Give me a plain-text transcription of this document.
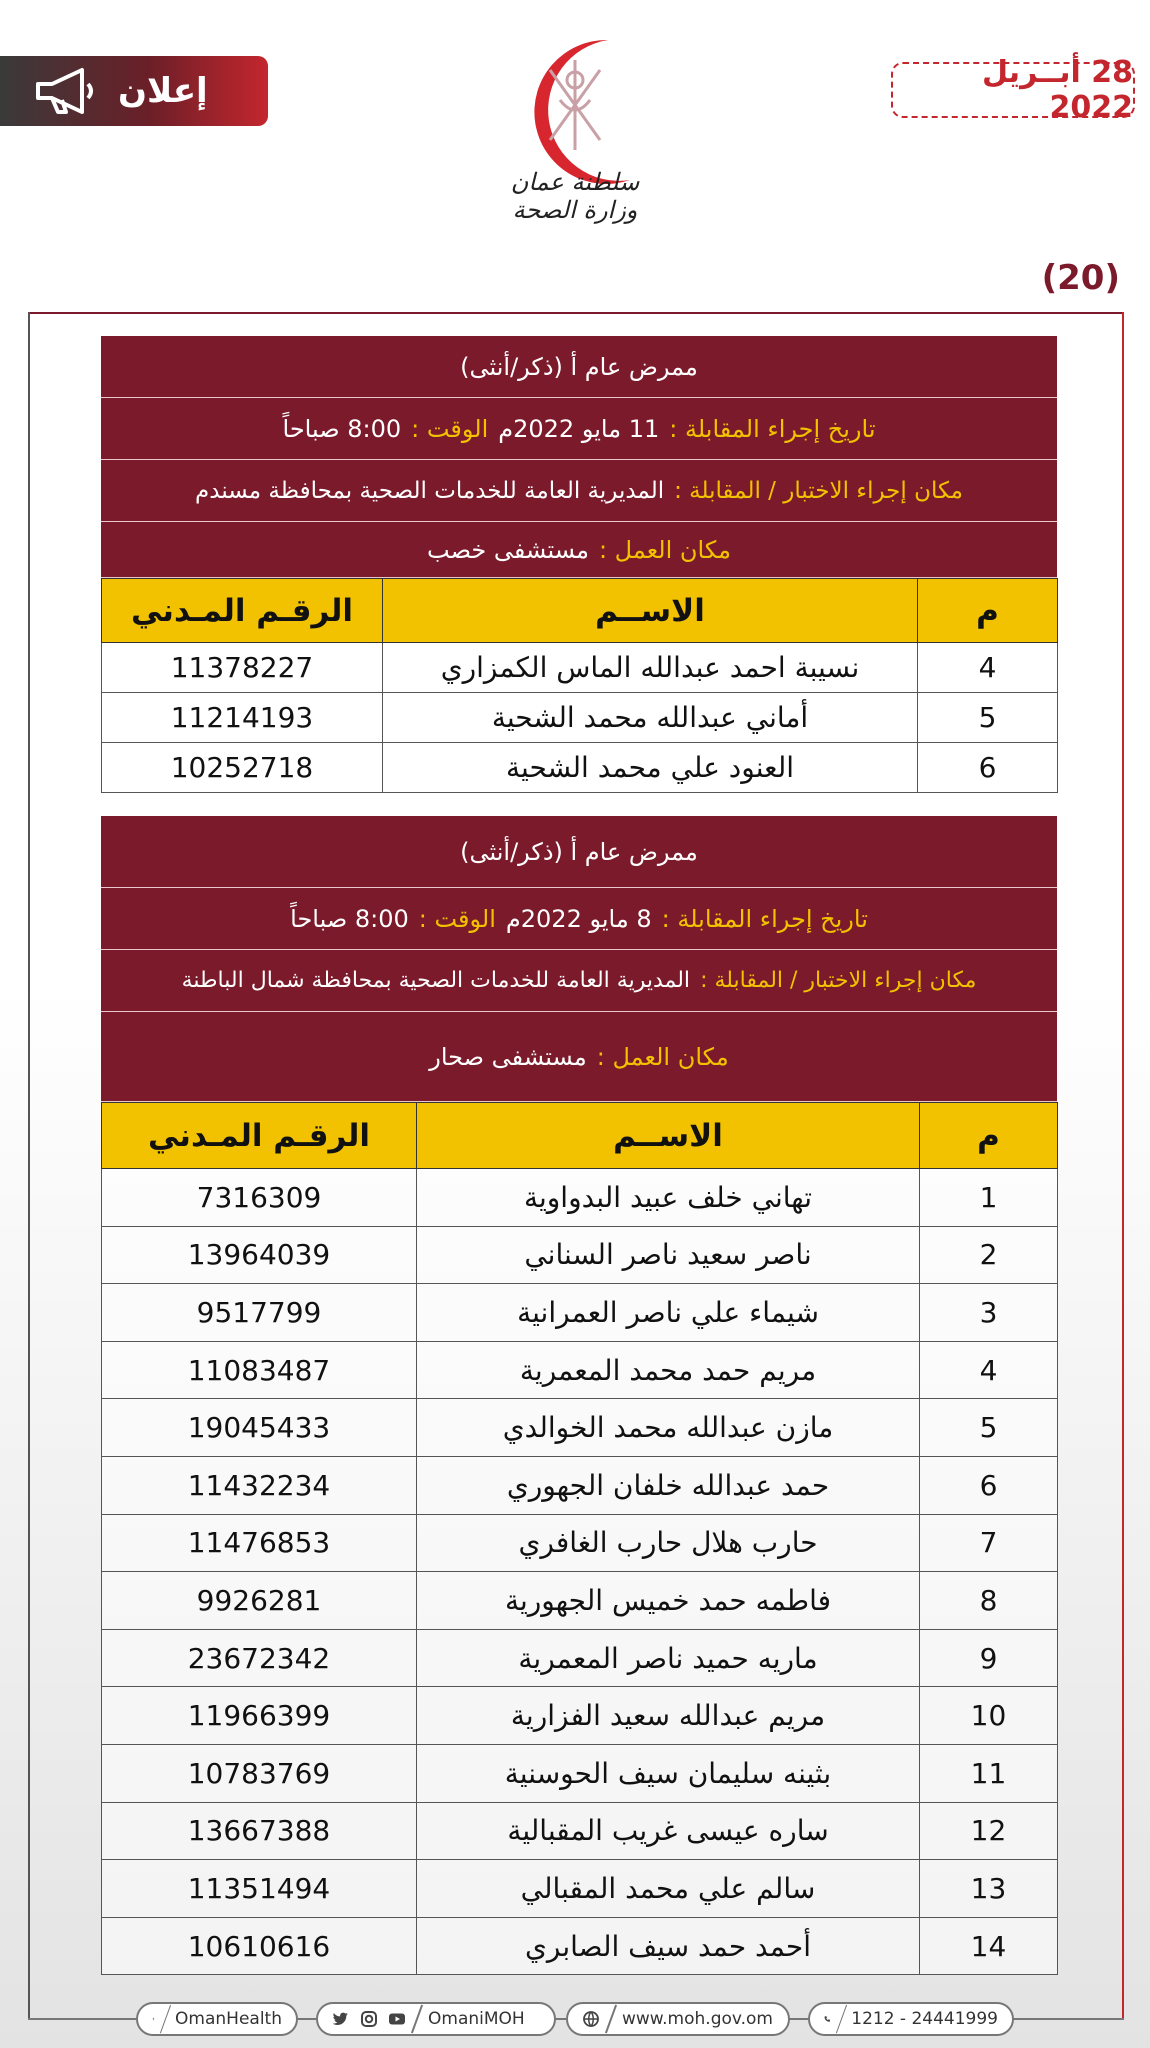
إعلان
سلطنة عمان
وزارة الصحة
28 أبــريل 2022
(20)
ممرض عام أ (ذكر/أنثى)
تاريخ إجراء المقابلة :
11 مايو 2022م
الوقت :
8:00 صباحاً
مكان إجراء الاختبار / المقابلة :
المديرية العامة للخدمات الصحية بمحافظة مسندم
مكان العمل :
مستشفى خصب
م	الاســم	الرقـم المـدني
4	نسيبة احمد عبدالله الماس الكمزاري	11378227
5	أماني عبدالله محمد الشحية	11214193
6	العنود علي محمد الشحية	10252718
ممرض عام أ (ذكر/أنثى)
تاريخ إجراء المقابلة :
8 مايو 2022م
الوقت :
8:00 صباحاً
مكان إجراء الاختبار / المقابلة :
المديرية العامة للخدمات الصحية بمحافظة شمال الباطنة
مكان العمل :
مستشفى صحار
م	الاســم	الرقـم المـدني
1	تهاني خلف عبيد البدواوية	7316309
2	ناصر سعيد ناصر السناني	13964039
3	شيماء علي ناصر العمرانية	9517799
4	مريم حمد محمد المعمرية	11083487
5	مازن عبدالله محمد الخوالدي	19045433
6	حمد عبدالله خلفان الجهوري	11432234
7	حارب هلال حارب الغافري	11476853
8	فاطمه حمد خميس الجهورية	9926281
9	ماريه حميد ناصر المعمرية	23672342
10	مريم عبدالله سعيد الفزارية	11966399
11	بثينه سليمان سيف الحوسنية	10783769
12	ساره عيسى غريب المقبالية	13667388
13	سالم علي محمد المقبالي	11351494
14	أحمد حمد سيف الصابري	10610616
OmanHealth	OmaniMOH	www.moh.gov.om	1212 - 24441999
